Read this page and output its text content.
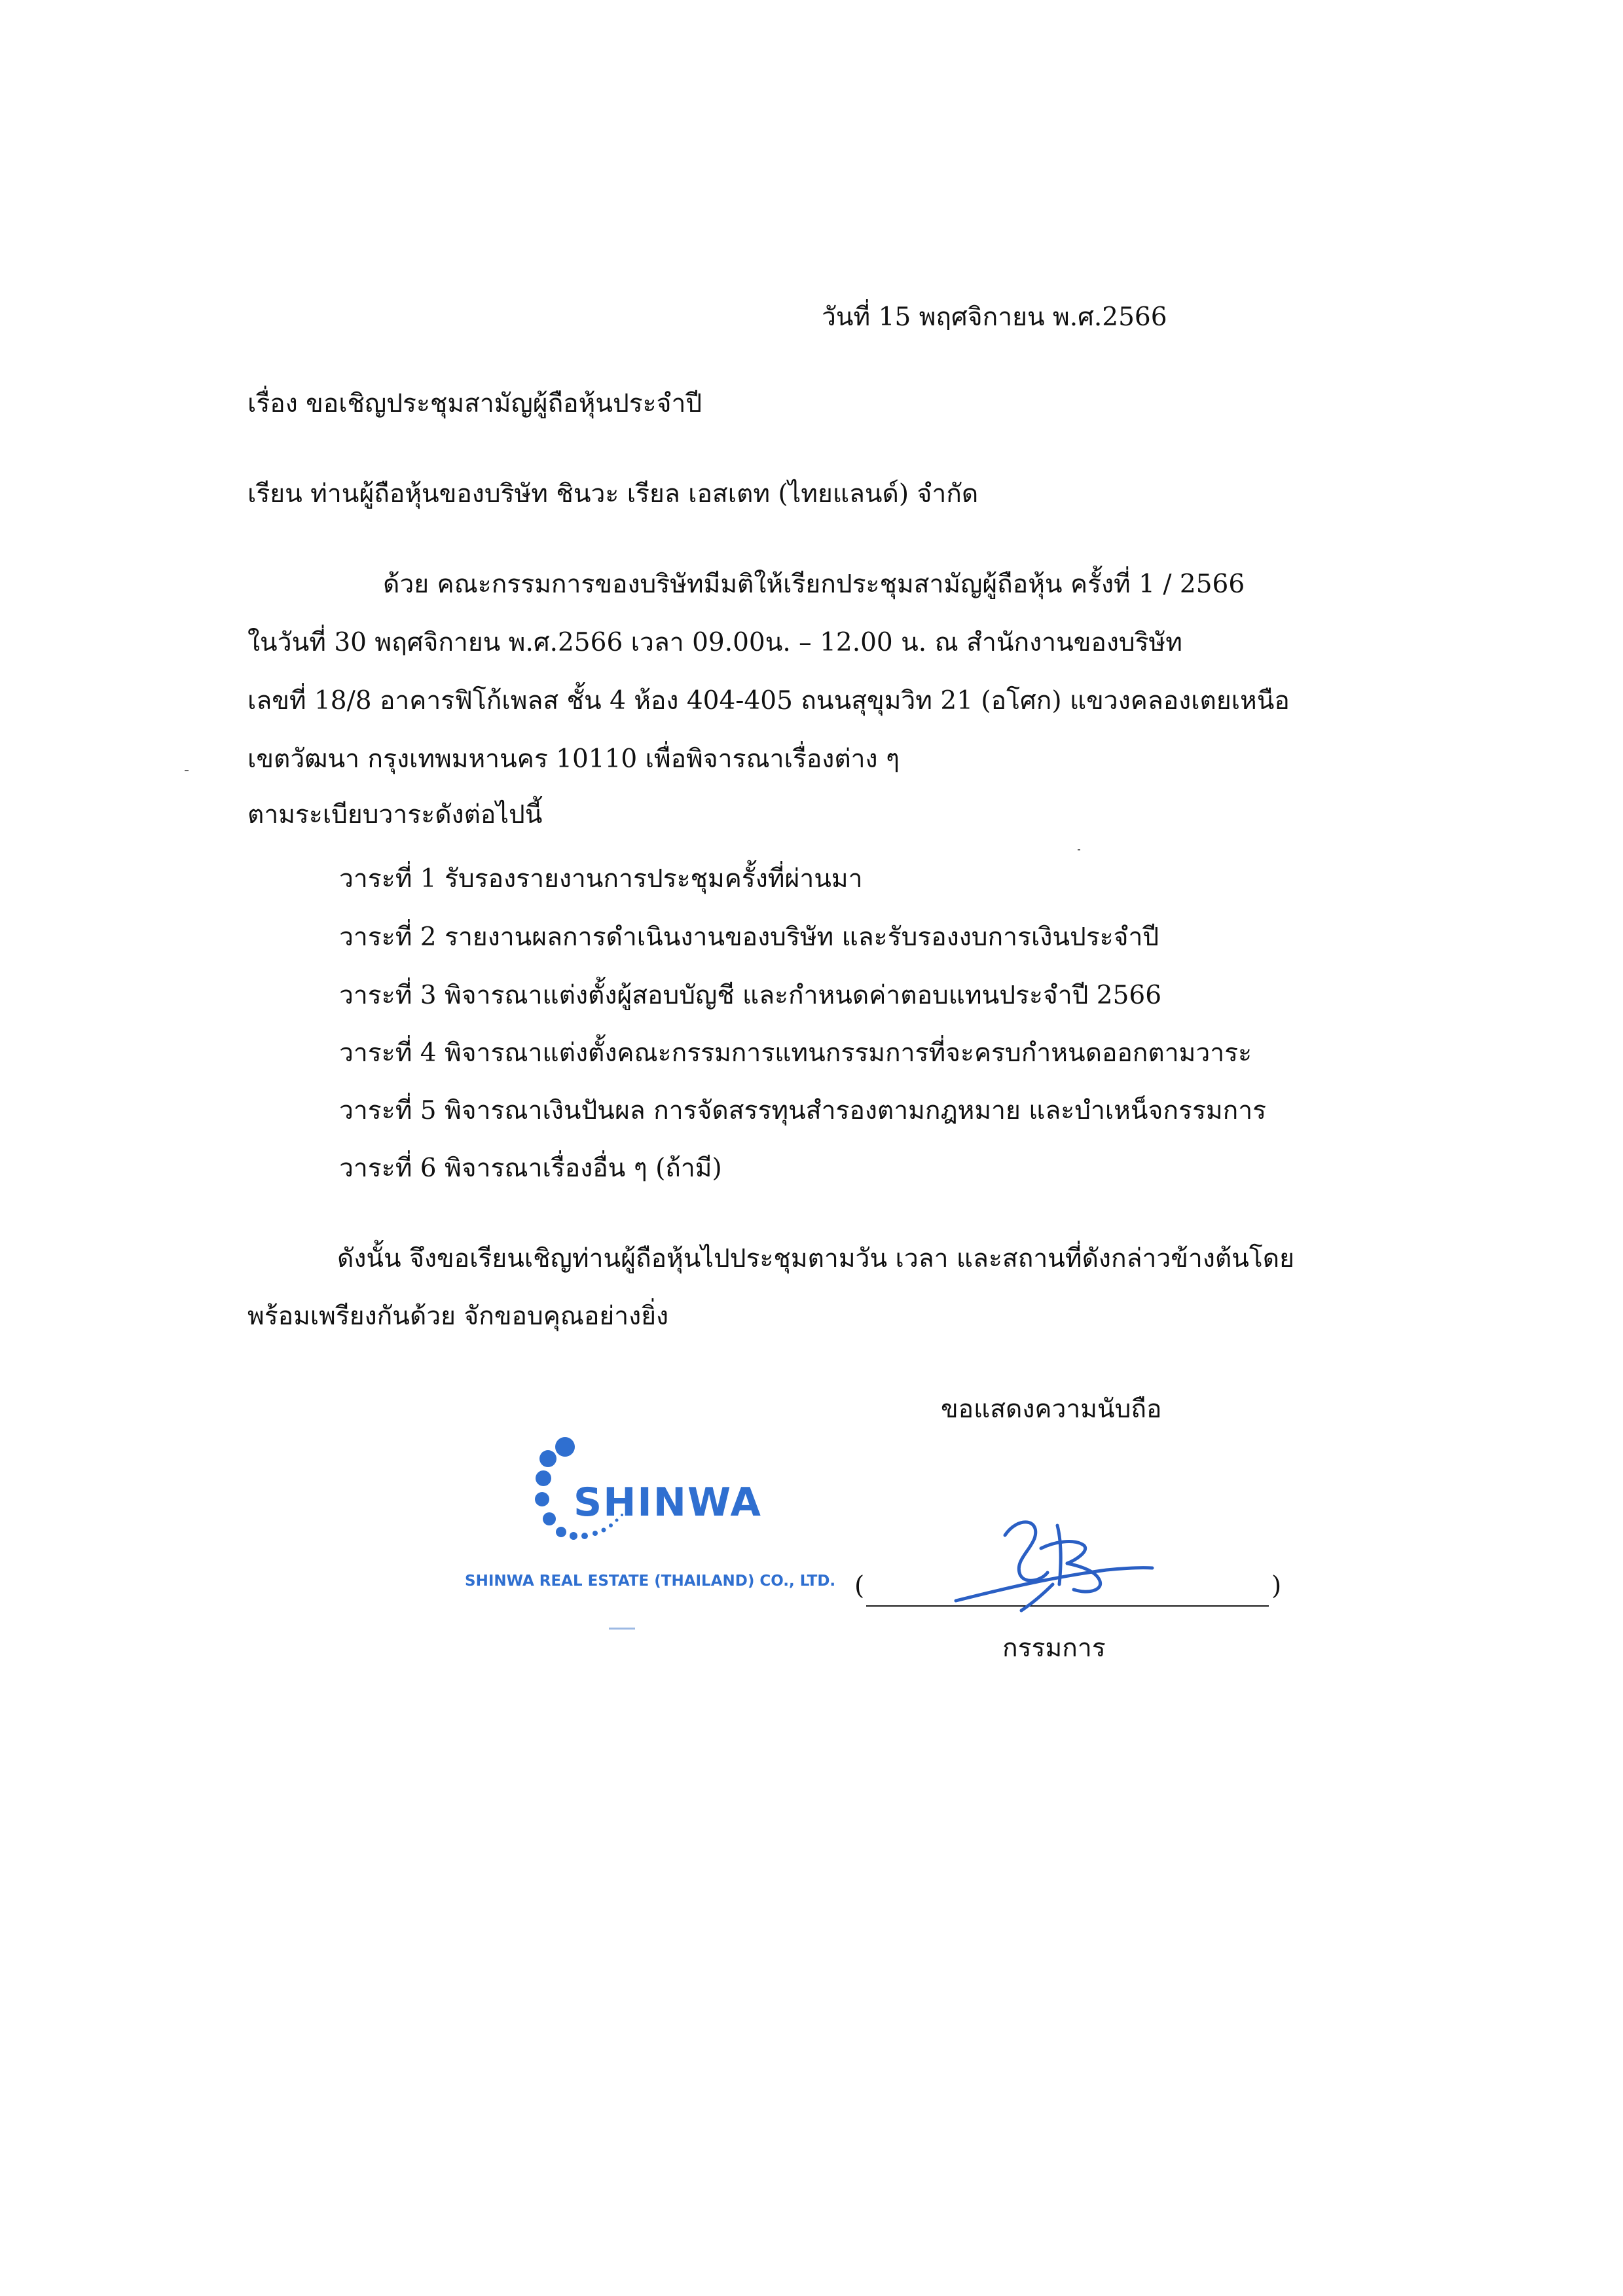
วันที่ 15 พฤศจิกายน พ.ศ.2566

เรื่อง ขอเชิญประชุมสามัญผู้ถือหุ้นประจำปี

เรียน ท่านผู้ถือหุ้นของบริษัท ชินวะ เรียล เอสเตท (ไทยแลนด์) จำกัด

ด้วย คณะกรรมการของบริษัทมีมติให้เรียกประชุมสามัญผู้ถือหุ้น ครั้งที่ 1 / 2566

ในวันที่ 30 พฤศจิกายน พ.ศ.2566 เวลา 09.00น. – 12.00 น. ณ สำนักงานของบริษัท

เลขที่ 18/8 อาคารฟิโก้เพลส ชั้น 4 ห้อง 404-405 ถนนสุขุมวิท 21 (อโศก) แขวงคลองเตยเหนือ

เขตวัฒนา กรุงเทพมหานคร 10110 เพื่อพิจารณาเรื่องต่าง ๆ

ตามระเบียบวาระดังต่อไปนี้

วาระที่ 1 รับรองรายงานการประชุมครั้งที่ผ่านมา

วาระที่ 2 รายงานผลการดำเนินงานของบริษัท และรับรองงบการเงินประจำปี

วาระที่ 3 พิจารณาแต่งตั้งผู้สอบบัญชี และกำหนดค่าตอบแทนประจำปี 2566

วาระที่ 4 พิจารณาแต่งตั้งคณะกรรมการแทนกรรมการที่จะครบกำหนดออกตามวาระ

วาระที่ 5 พิจารณาเงินปันผล การจัดสรรทุนสำรองตามกฎหมาย และบำเหน็จกรรมการ

วาระที่ 6 พิจารณาเรื่องอื่น ๆ (ถ้ามี)

ดังนั้น จึงขอเรียนเชิญท่านผู้ถือหุ้นไปประชุมตามวัน เวลา และสถานที่ดังกล่าวข้างต้นโดย

พร้อมเพรียงกันด้วย จักขอบคุณอย่างยิ่ง

ขอแสดงความนับถือ

SHINWA
SHINWA REAL ESTATE (THAILAND) CO., LTD. (	)

กรรมการ
